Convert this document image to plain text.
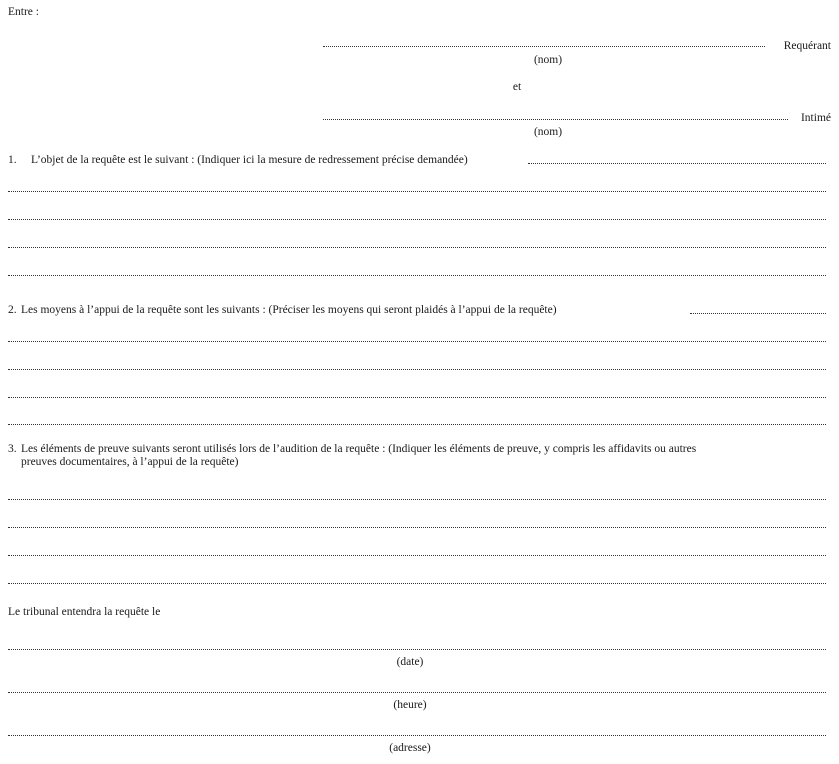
Entre :
Requérant
(nom)
et
Intimé
(nom)
1. L’objet de la requête est le suivant : (Indiquer ici la mesure de redressement précise demandée)
2. Les moyens à l’appui de la requête sont les suivants : (Préciser les moyens qui seront plaidés à l’appui de la requête)
3. Les éléments de preuve suivants seront utilisés lors de l’audition de la requête : (Indiquer les éléments de preuve, y compris les affidavits ou autres
preuves documentaires, à l’appui de la requête)
Le tribunal entendra la requête le
(date)
(heure)
(adresse)
